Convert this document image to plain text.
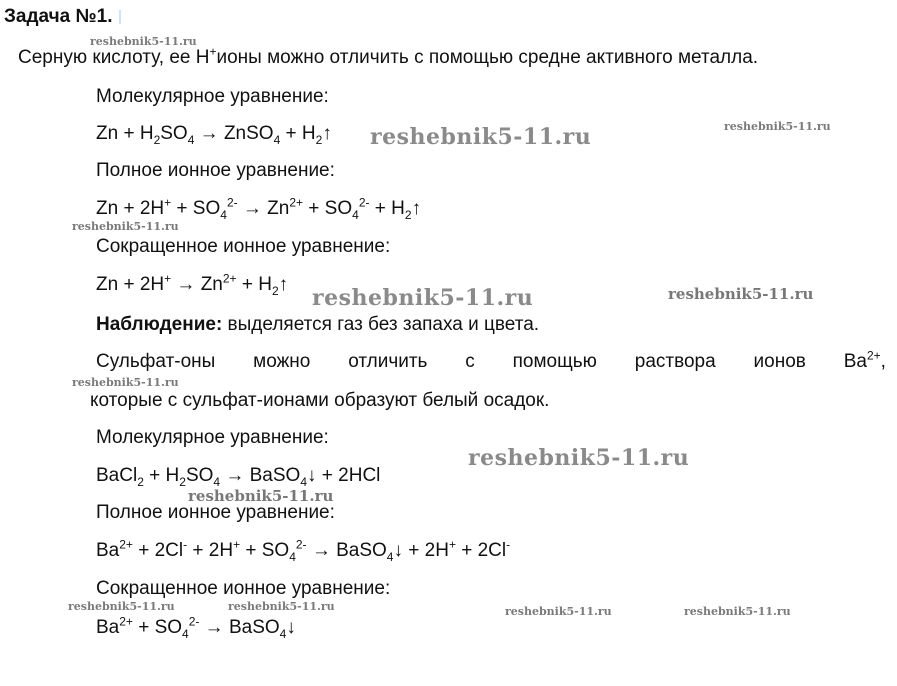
Задача №1.
Серную кислоту, ее H+ионы можно отличить с помощью средне активного металла.
Молекулярное уравнение:
$Zn + H_2SO_4$ → ZnSO$_4$ + $H_2↑$
Полное ионное уравнение:
$Zn + 2H^+ + SO_4^{2-} \to Zn^{2+} + SO_4^{2-}$ + $H_2↑$
Сокращенное ионное уравнение:
$Zn + 2H^+ \to Zn^{2+}$ + $H_2↑$
Наблюдение: выделяется газ без запаха и цвета.
Сульфат-оны можно отличить с помощью раствора ионов $Ba^{2+}$,
которые с сульфат-ионами образуют белый осадок.
Молекулярное уравнение:
BaCl$_2$ + $H_2SO_4$ → BaSO$_4$↓ + 2HCl
Полное ионное уравнение:
$Ba^{2+} + 2Cl^- + 2H^+ + SO_4^{2-}$ → BaSO$_4$↓ + 2H+ + 2Cl-
Сокращенное ионное уравнение:
$Ba^{2+} + SO_4^{2-}$ → BaSO$_4$↓
reshebnik5-11.ru
reshebnik5-11.ru
reshebnik5-11.ru
reshebnik5-11.ru
reshebnik5-11.ru	reshebnik5-11.ru
reshebnik5-11.ru
reshebnik5-11.ru
reshebnik5-11.ru
reshebnik5-11.ru	reshebnik5-11.ru	reshebnik5-11.ru	reshebnik5-11.ru
